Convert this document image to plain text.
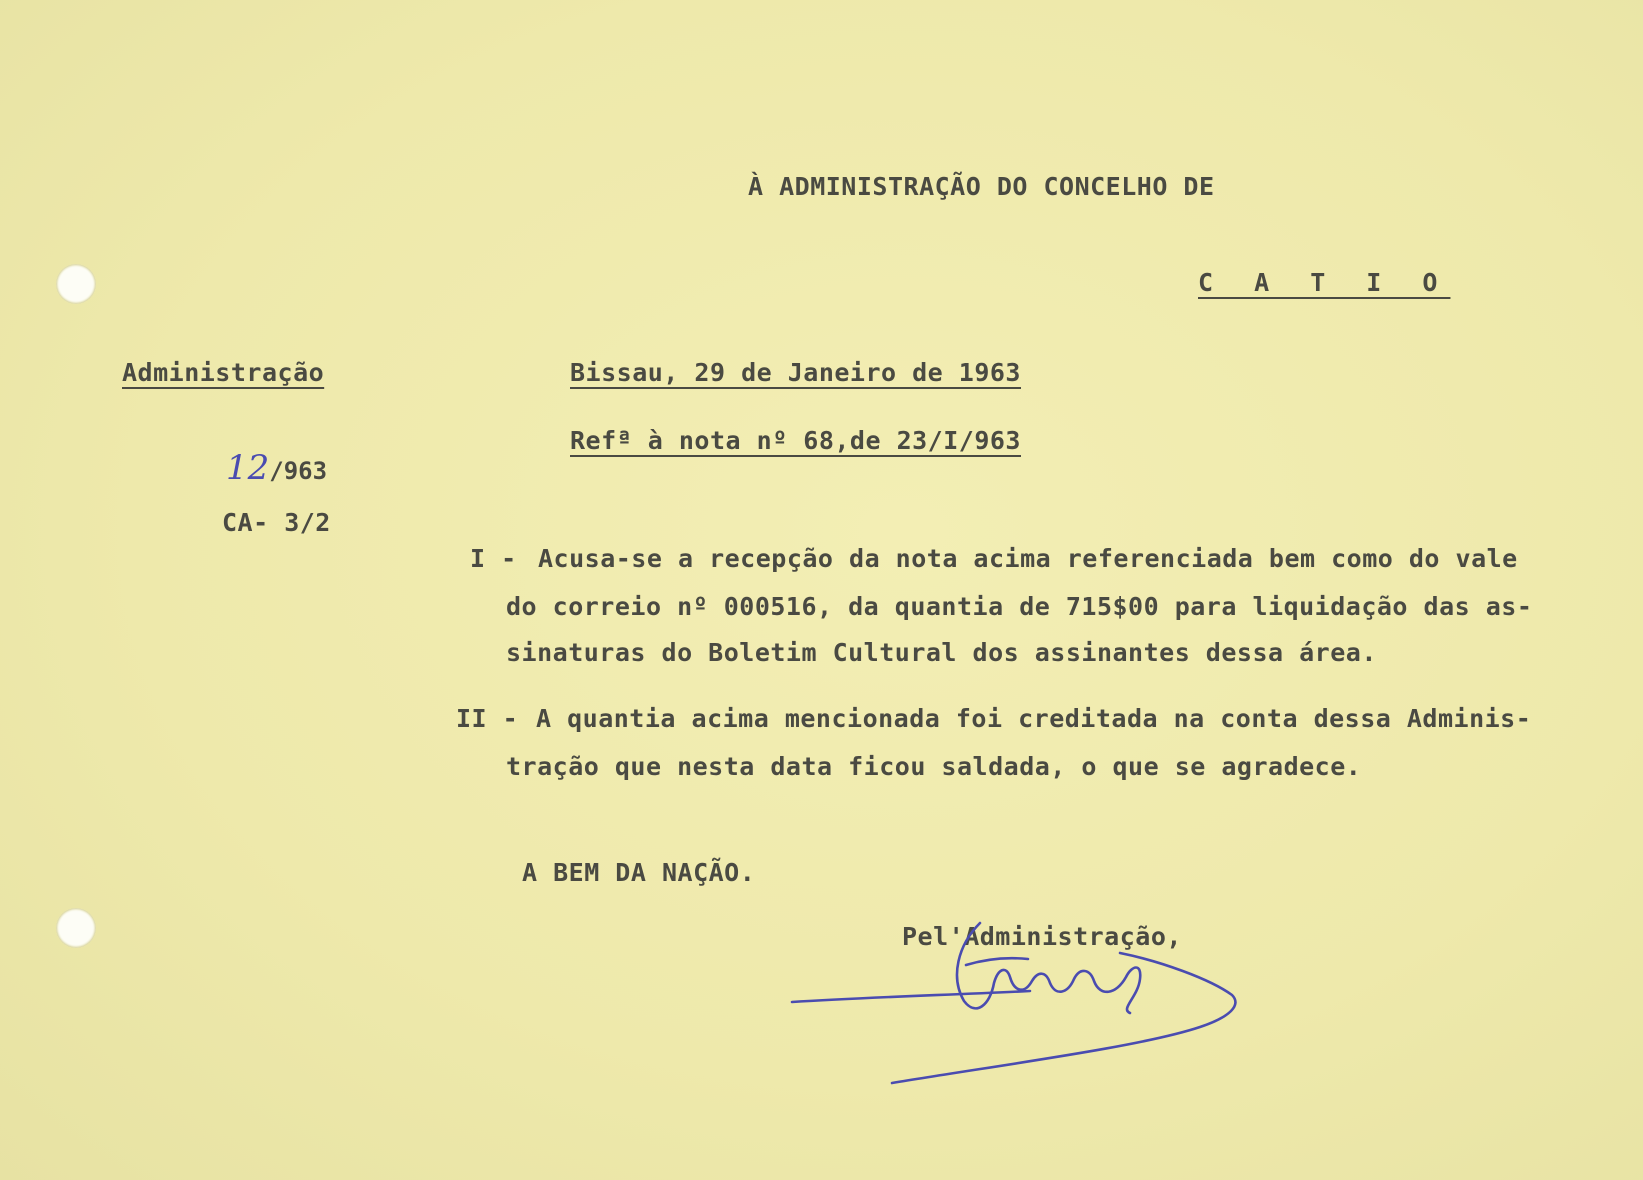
À ADMINISTRAÇÃO DO CONCELHO DE
C A T I O
Administração
12/963
CA- 3/2
Bissau, 29 de Janeiro de 1963
Refª à nota nº 68,de 23/I/963
I - Acusa-se a recepção da nota acima referenciada bem como do vale
do correio nº 000516, da quantia de 715$00 para liquidação das as-
sinaturas do Boletim Cultural dos assinantes dessa área.
II - A quantia acima mencionada foi creditada na conta dessa Adminis-
tração que nesta data ficou saldada, o que se agradece.
A BEM DA NAÇÃO.
Pel'Administração,
